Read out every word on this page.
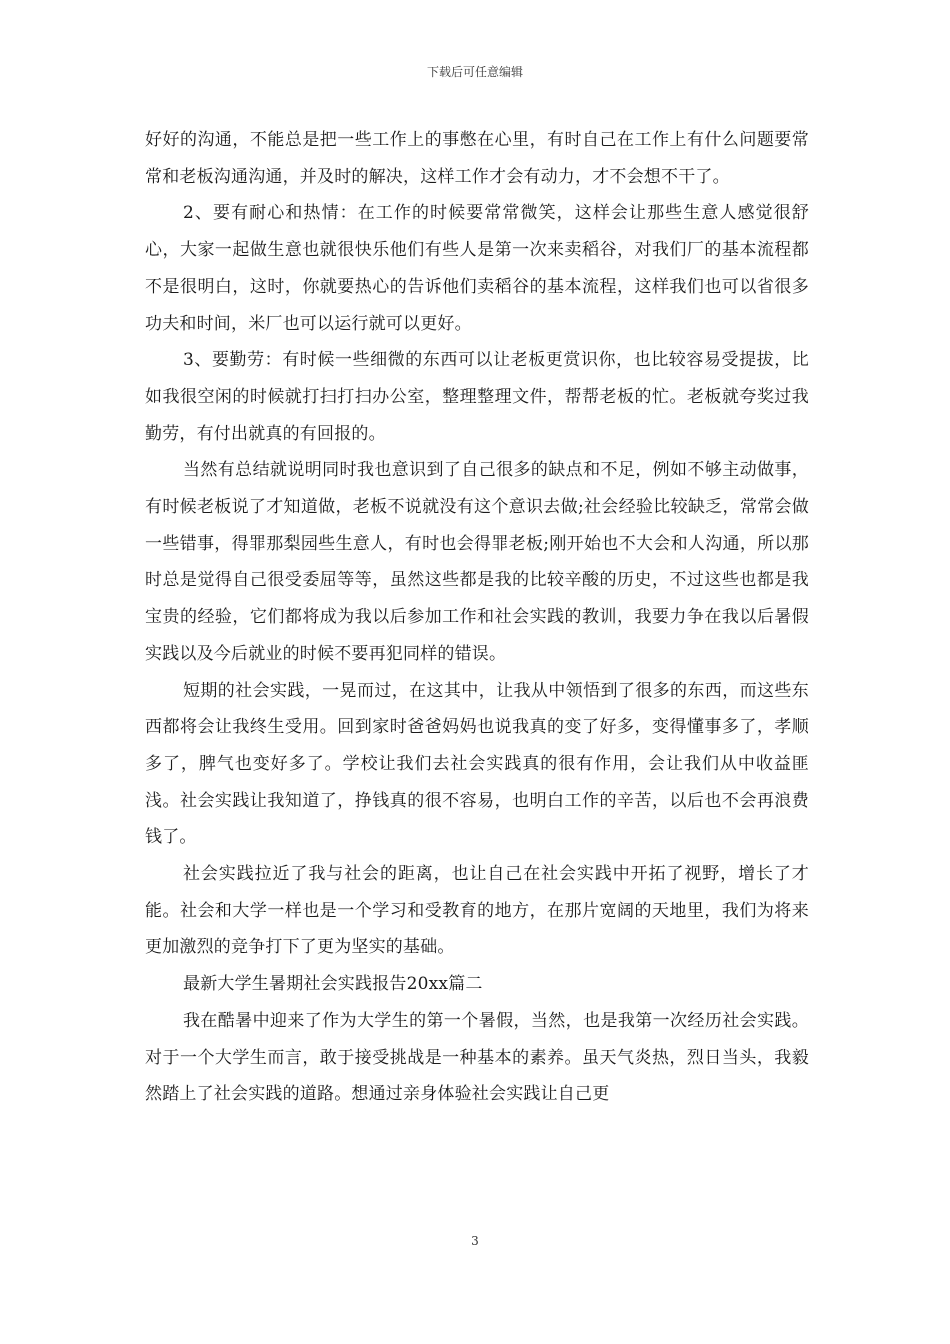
下载后可任意编辑

好好的沟通，不能总是把一些工作上的事憋在心里，有时自己在工作上有什么问题要常常和老板沟通沟通，并及时的解决，这样工作才会有动力，才不会想不干了。

2、要有耐心和热情：在工作的时候要常常微笑，这样会让那些生意人感觉很舒心，大家一起做生意也就很快乐他们有些人是第一次来卖稻谷，对我们厂的基本流程都不是很明白，这时，你就要热心的告诉他们卖稻谷的基本流程，这样我们也可以省很多功夫和时间，米厂也可以运行就可以更好。

3、要勤劳：有时候一些细微的东西可以让老板更赏识你，也比较容易受提拔，比如我很空闲的时候就打扫打扫办公室，整理整理文件，帮帮老板的忙。老板就夸奖过我勤劳，有付出就真的有回报的。

当然有总结就说明同时我也意识到了自己很多的缺点和不足，例如不够主动做事，有时候老板说了才知道做，老板不说就没有这个意识去做;社会经验比较缺乏，常常会做一些错事，得罪那梨园些生意人，有时也会得罪老板;刚开始也不大会和人沟通，所以那时总是觉得自己很受委屈等等，虽然这些都是我的比较辛酸的历史，不过这些也都是我宝贵的经验，它们都将成为我以后参加工作和社会实践的教训，我要力争在我以后暑假实践以及今后就业的时候不要再犯同样的错误。

短期的社会实践，一晃而过，在这其中，让我从中领悟到了很多的东西，而这些东西都将会让我终生受用。回到家时爸爸妈妈也说我真的变了好多，变得懂事多了，孝顺多了，脾气也变好多了。学校让我们去社会实践真的很有作用，会让我们从中收益匪浅。社会实践让我知道了，挣钱真的很不容易，也明白工作的辛苦，以后也不会再浪费钱了。

社会实践拉近了我与社会的距离，也让自己在社会实践中开拓了视野，增长了才能。社会和大学一样也是一个学习和受教育的地方，在那片宽阔的天地里，我们为将来更加激烈的竞争打下了更为坚实的基础。

最新大学生暑期社会实践报告20xx篇二

我在酷暑中迎来了作为大学生的第一个暑假，当然，也是我第一次经历社会实践。对于一个大学生而言，敢于接受挑战是一种基本的素养。虽天气炎热，烈日当头，我毅然踏上了社会实践的道路。想通过亲身体验社会实践让自己更

3
